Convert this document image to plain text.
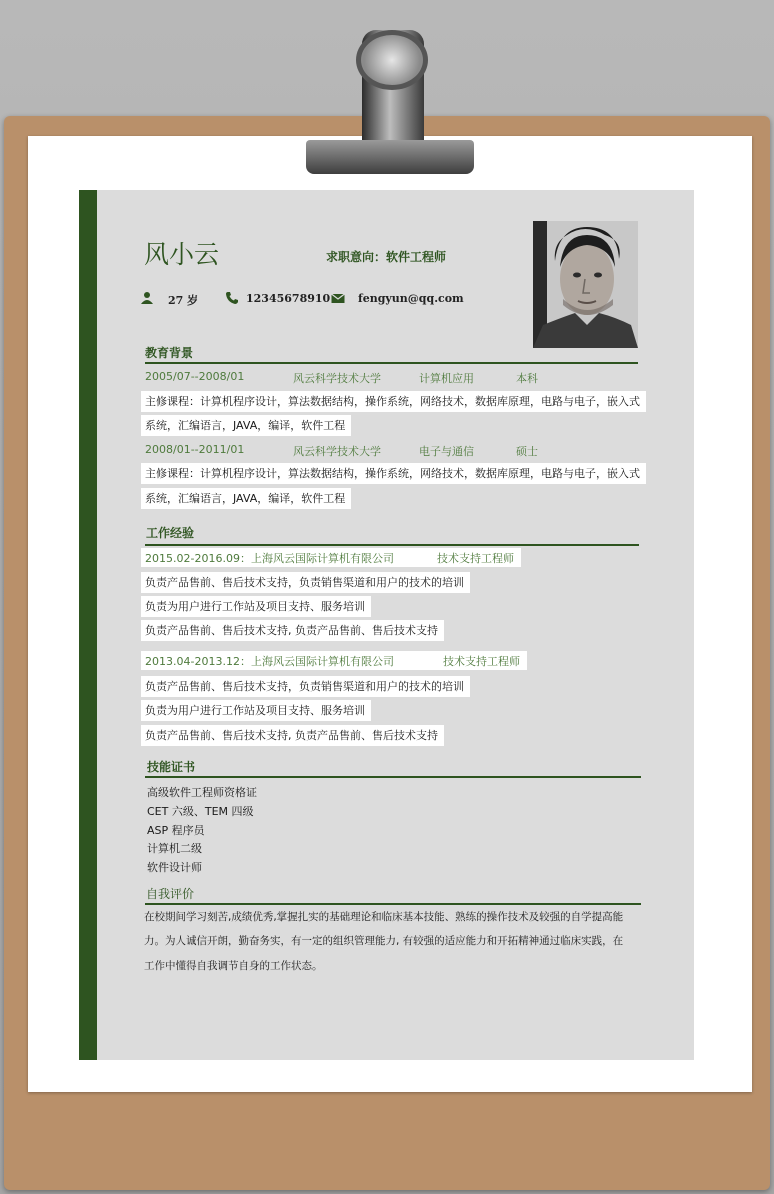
风小云	求职意向：软件工程师
27 岁	12345678910	fengyun@qq.com
教育背景
2005/07--2008/01	风云科学技术大学	计算机应用	本科
主修课程：计算机程序设计，算法数据结构，操作系统，网络技术，数据库原理，电路与电子，嵌入式
系统，汇编语言，JAVA，编译，软件工程
2008/01--2011/01	风云科学技术大学	电子与通信	硕士
主修课程：计算机程序设计，算法数据结构，操作系统，网络技术，数据库原理，电路与电子，嵌入式
系统，汇编语言，JAVA，编译，软件工程
工作经验
2015.02-2016.09：上海风云国际计算机有限公司	技术支持工程师
负责产品售前、售后技术支持，负责销售渠道和用户的技术的培训
负责为用户进行工作站及项目支持、服务培训
负责产品售前、售后技术支持, 负责产品售前、售后技术支持
2013.04-2013.12：上海风云国际计算机有限公司	技术支持工程师
负责产品售前、售后技术支持，负责销售渠道和用户的技术的培训
负责为用户进行工作站及项目支持、服务培训
负责产品售前、售后技术支持, 负责产品售前、售后技术支持
技能证书
高级软件工程师资格证
CET 六级、TEM 四级
ASP 程序员
计算机二级
软件设计师
自我评价
在校期间学习刻苦,成绩优秀,掌握扎实的基础理论和临床基本技能、熟练的操作技术及较强的自学提高能
力。为人诚信开朗，勤奋务实，有一定的组织管理能力, 有较强的适应能力和开拓精神通过临床实践，在
工作中懂得自我调节自身的工作状态。
